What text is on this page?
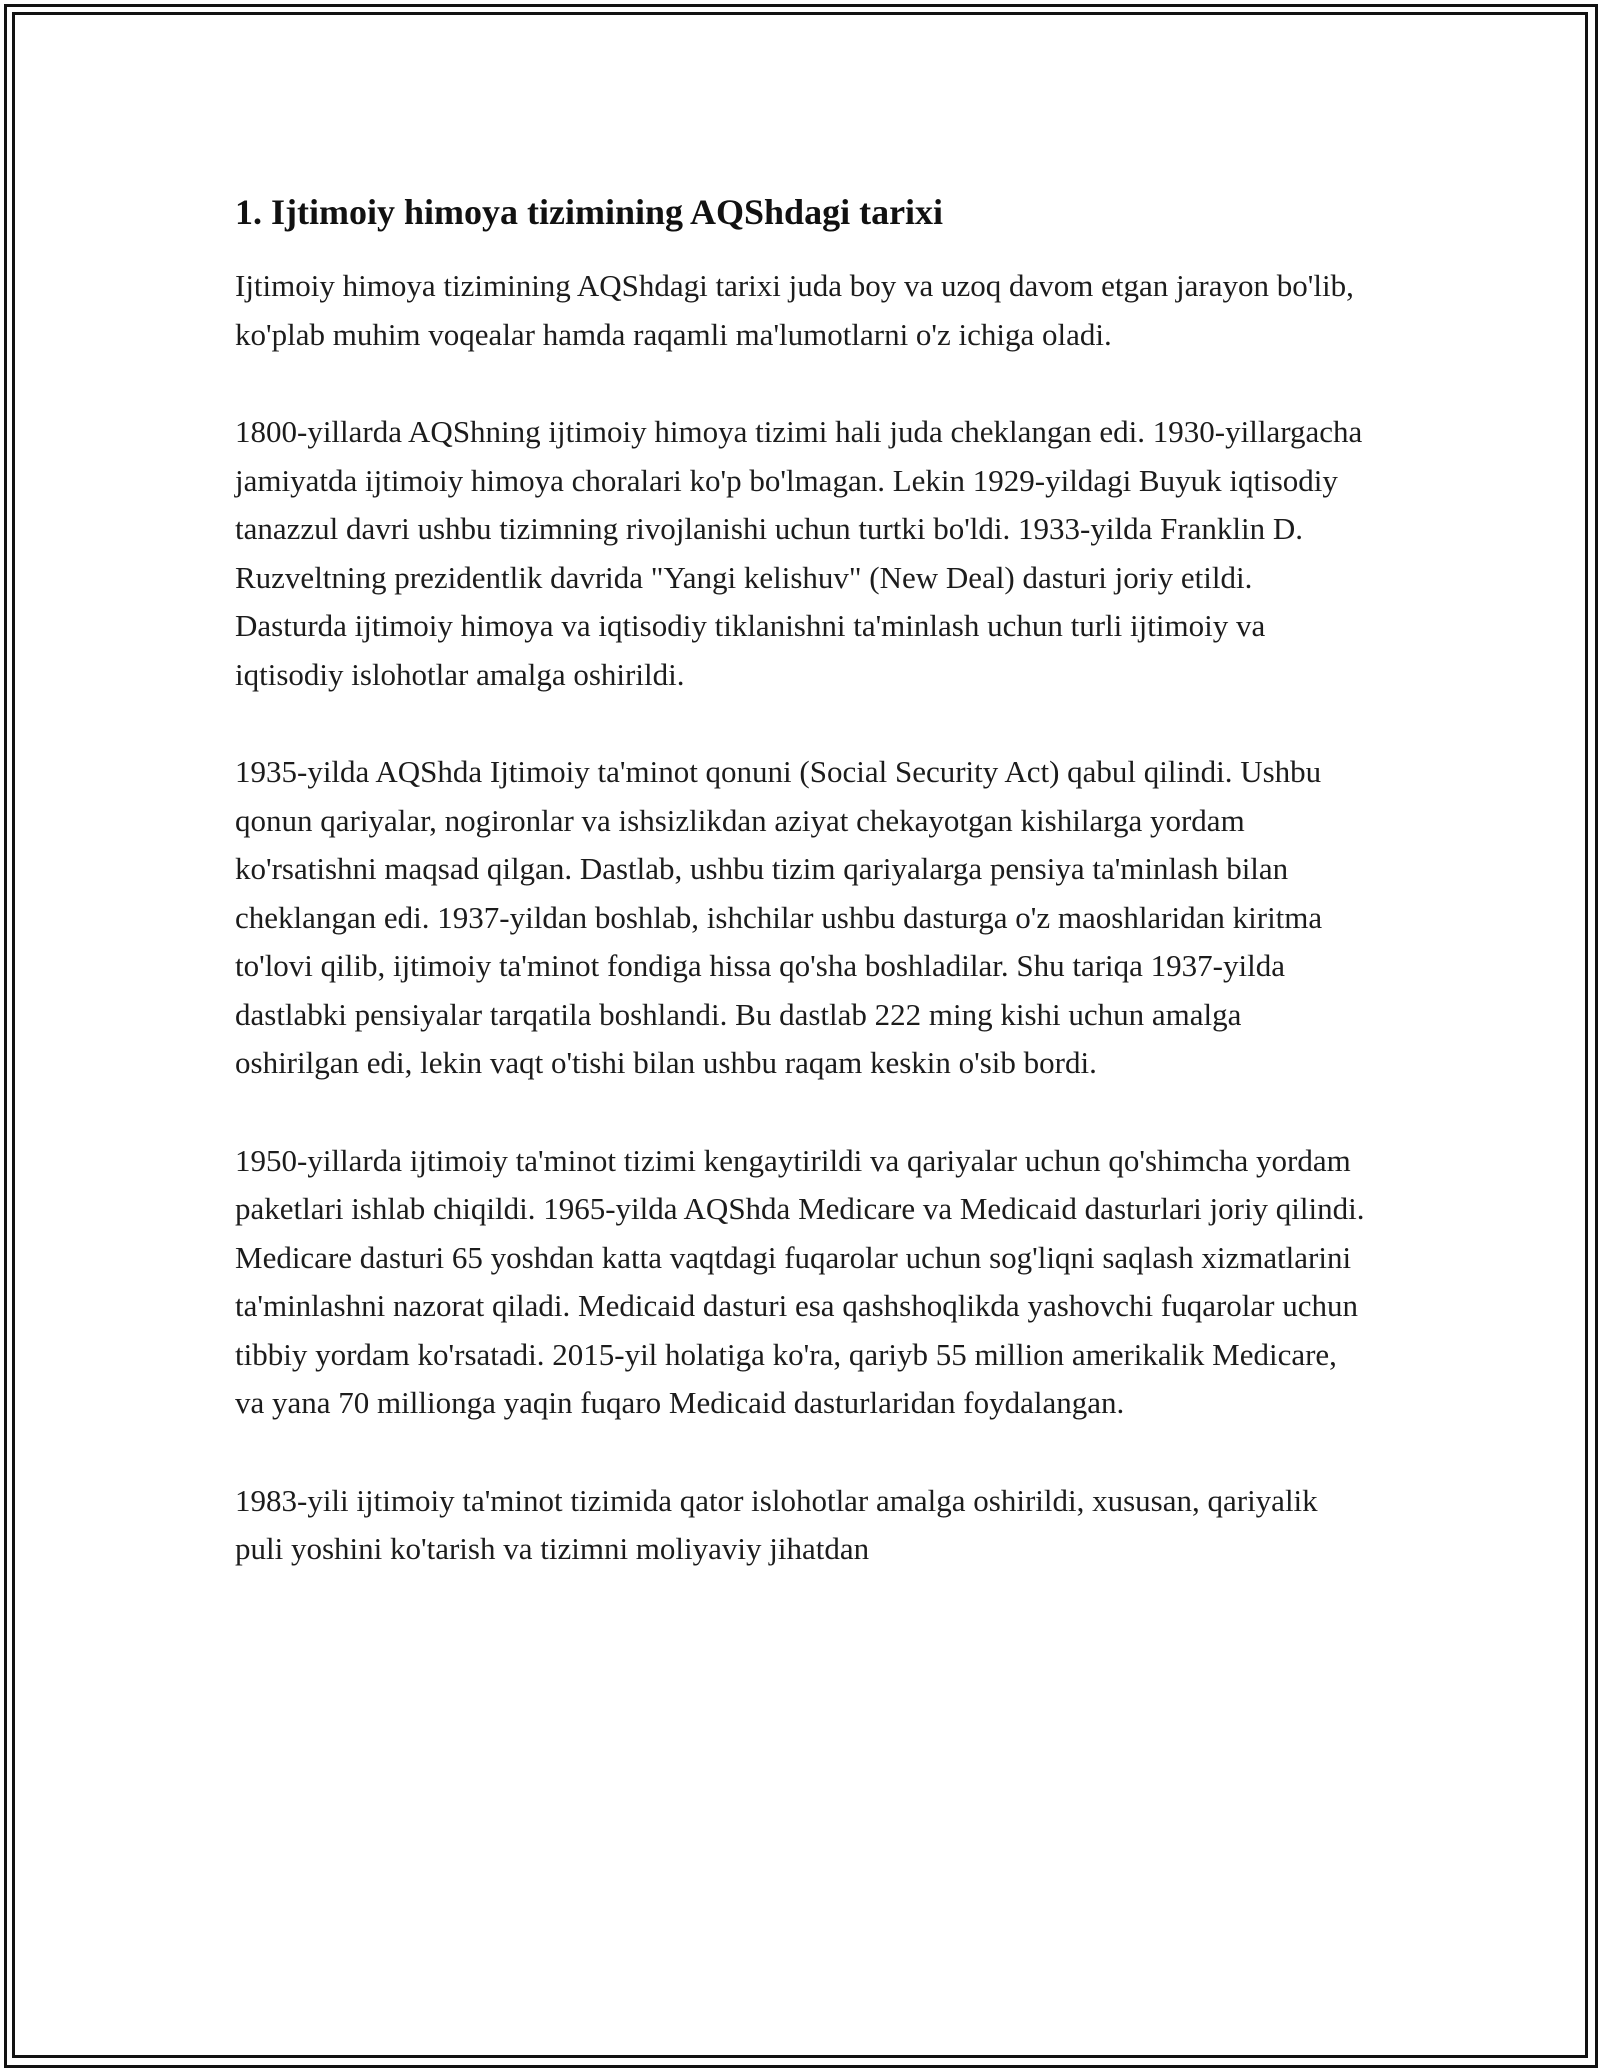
1. Ijtimoiy himoya tizimining AQShdagi tarixi

Ijtimoiy himoya tizimining AQShdagi tarixi juda boy va uzoq davom etgan jarayon bo'lib, ko'plab muhim voqealar hamda raqamli ma'lumotlarni o'z ichiga oladi.

1800-yillarda AQShning ijtimoiy himoya tizimi hali juda cheklangan edi. 1930-yillargacha jamiyatda ijtimoiy himoya choralari ko'p bo'lmagan. Lekin 1929-yildagi Buyuk iqtisodiy tanazzul davri ushbu tizimning rivojlanishi uchun turtki bo'ldi. 1933-yilda Franklin D. Ruzveltning prezidentlik davrida "Yangi kelishuv" (New Deal) dasturi joriy etildi. Dasturda ijtimoiy himoya va iqtisodiy tiklanishni ta'minlash uchun turli ijtimoiy va iqtisodiy islohotlar amalga oshirildi.

1935-yilda AQShda Ijtimoiy ta'minot qonuni (Social Security Act) qabul qilindi. Ushbu qonun qariyalar, nogironlar va ishsizlikdan aziyat chekayotgan kishilarga yordam ko'rsatishni maqsad qilgan. Dastlab, ushbu tizim qariyalarga pensiya ta'minlash bilan cheklangan edi. 1937-yildan boshlab, ishchilar ushbu dasturga o'z maoshlaridan kiritma to'lovi qilib, ijtimoiy ta'minot fondiga hissa qo'sha boshladilar. Shu tariqa 1937-yilda dastlabki pensiyalar tarqatila boshlandi. Bu dastlab 222 ming kishi uchun amalga oshirilgan edi, lekin vaqt o'tishi bilan ushbu raqam keskin o'sib bordi.

1950-yillarda ijtimoiy ta'minot tizimi kengaytirildi va qariyalar uchun qo'shimcha yordam paketlari ishlab chiqildi. 1965-yilda AQShda Medicare va Medicaid dasturlari joriy qilindi. Medicare dasturi 65 yoshdan katta vaqtdagi fuqarolar uchun sog'liqni saqlash xizmatlarini ta'minlashni nazorat qiladi. Medicaid dasturi esa qashshoqlikda yashovchi fuqarolar uchun tibbiy yordam ko'rsatadi. 2015-yil holatiga ko'ra, qariyb 55 million amerikalik Medicare, va yana 70 millionga yaqin fuqaro Medicaid dasturlaridan foydalangan.

1983-yili ijtimoiy ta'minot tizimida qator islohotlar amalga oshirildi, xususan, qariyalik puli yoshini ko'tarish va tizimni moliyaviy jihatdan
